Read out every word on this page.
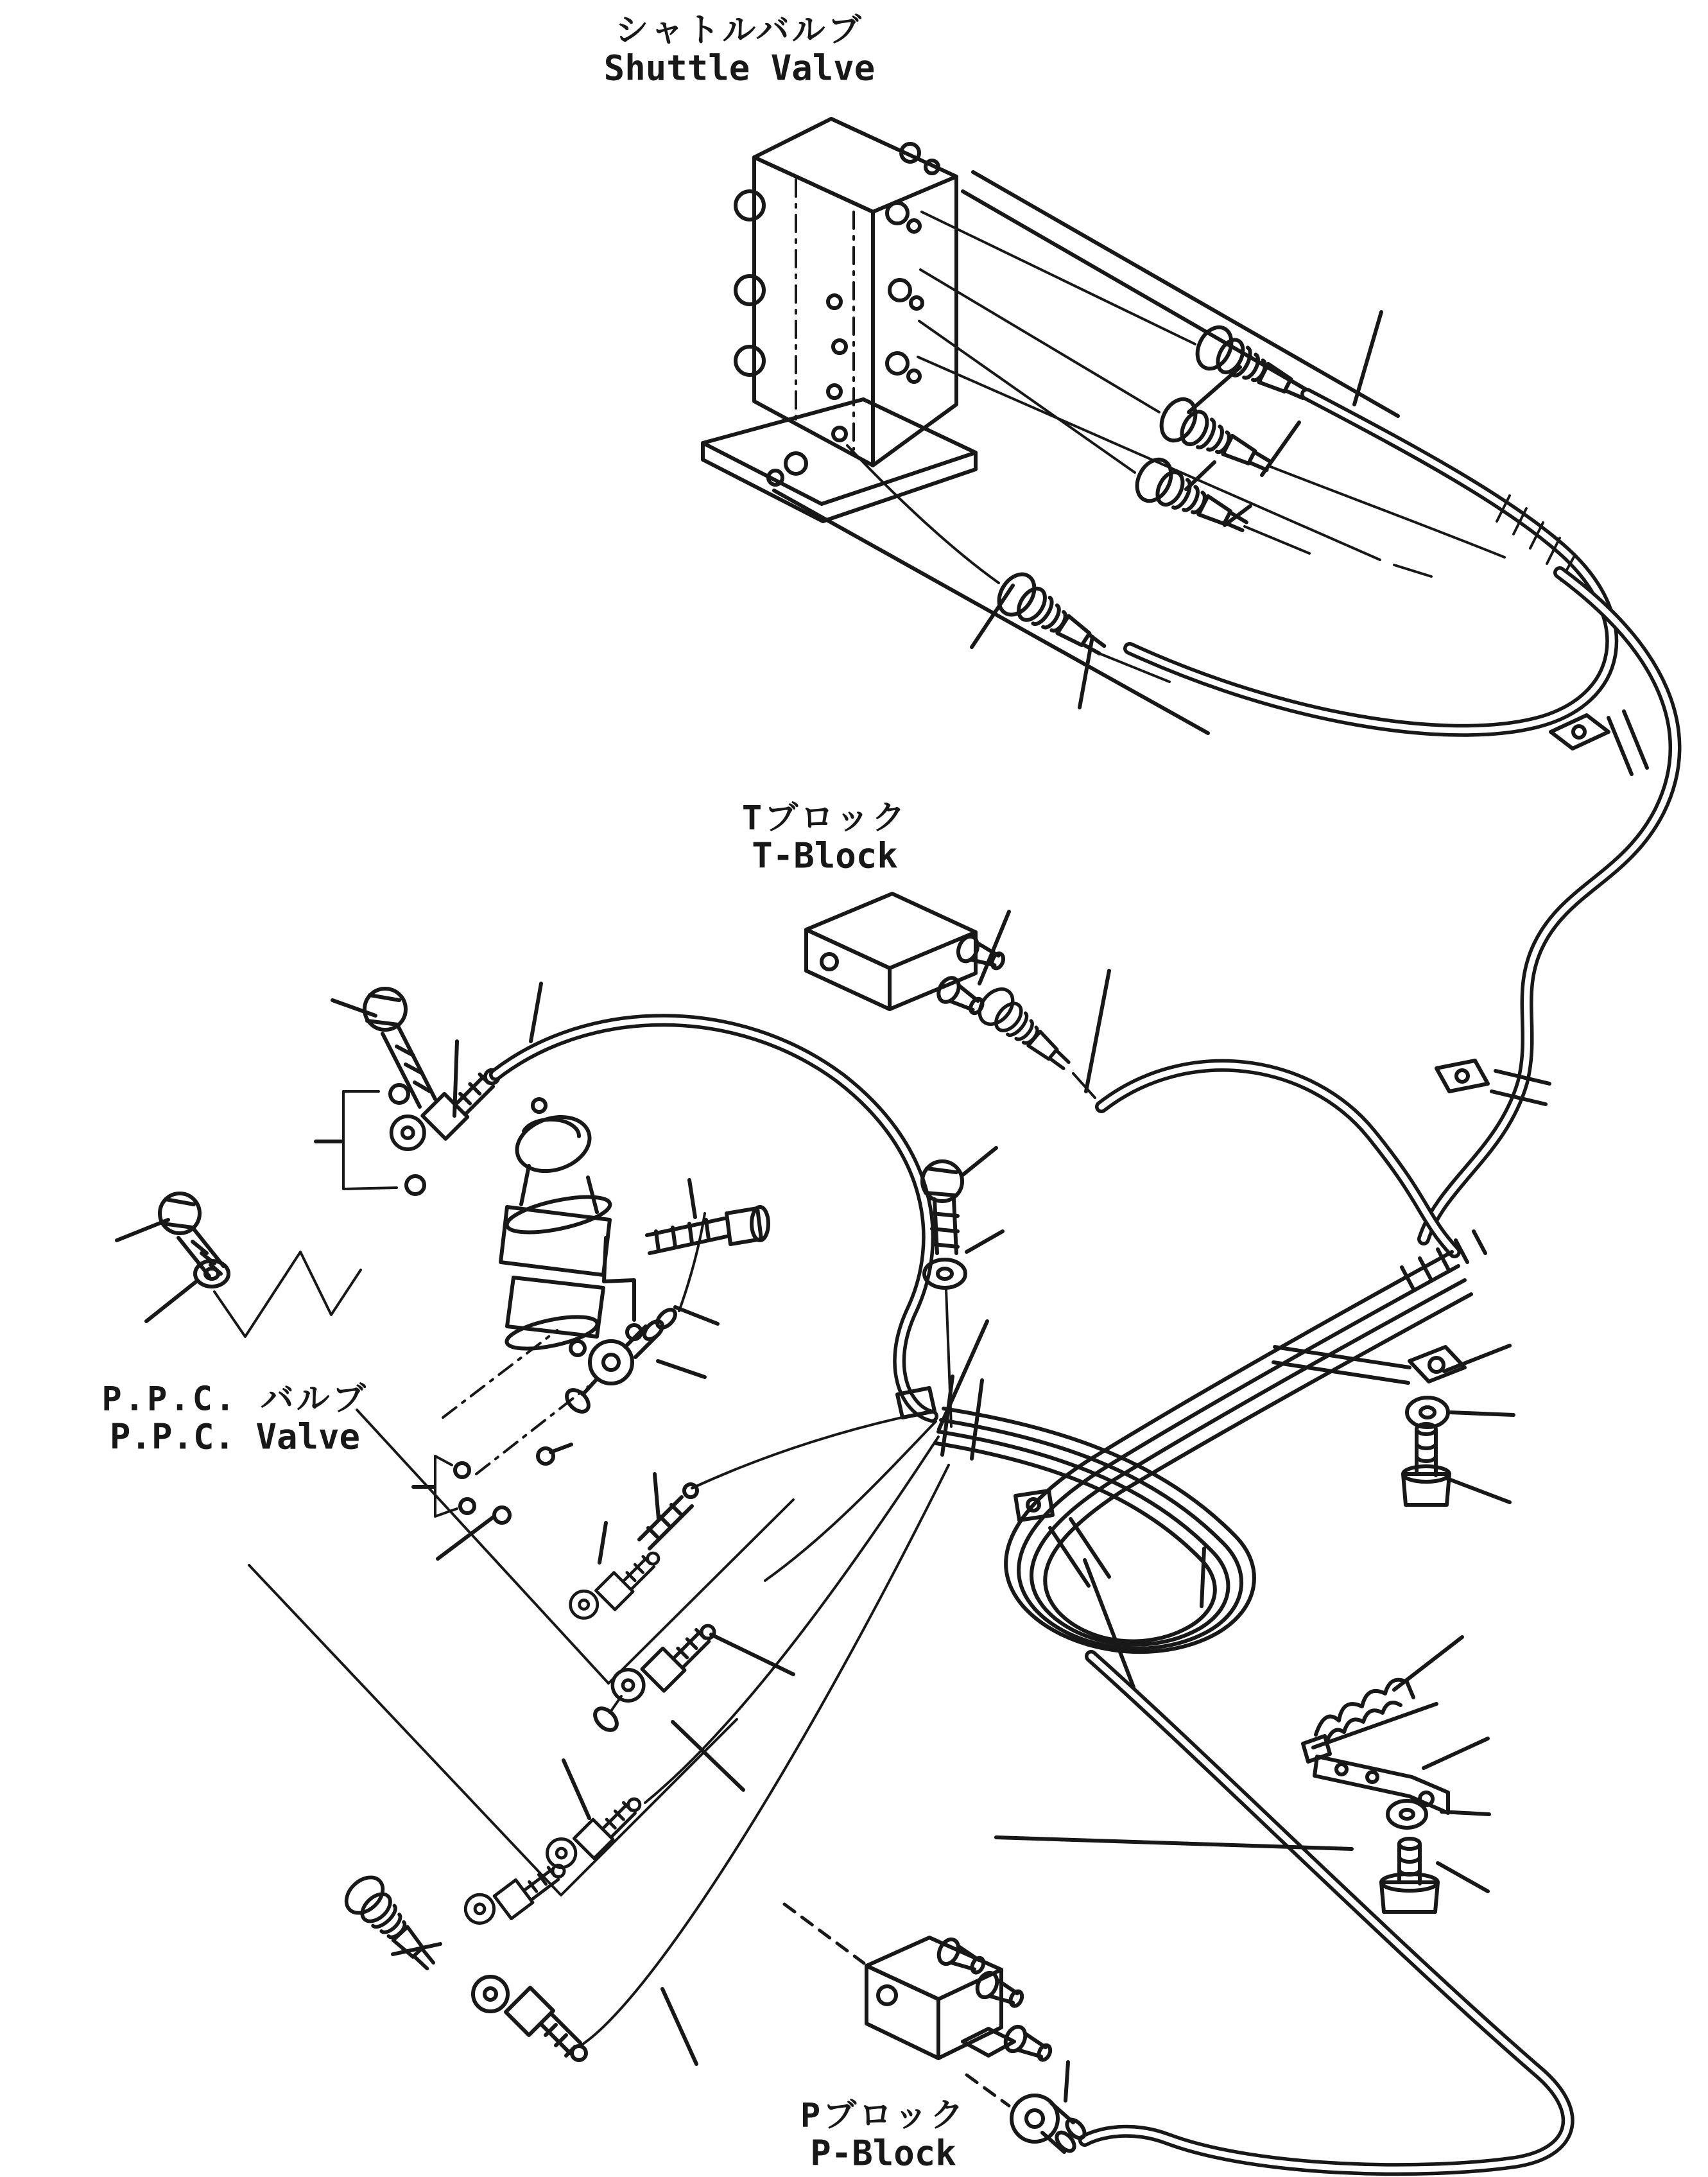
13
18
12
17
14
16
13
18
11
21 18
11
22
1
2
19
20
31
32
29
10
16
4 18
3
6
8
16
5
5
7
17
10
16
9
30
26
28
27
15
23
25
24
シャトルバルブ
Shuttle Valve
Tブロック
T-Block
P.P.C. バルブ
P.P.C. Valve
Pブロック
P-Block
